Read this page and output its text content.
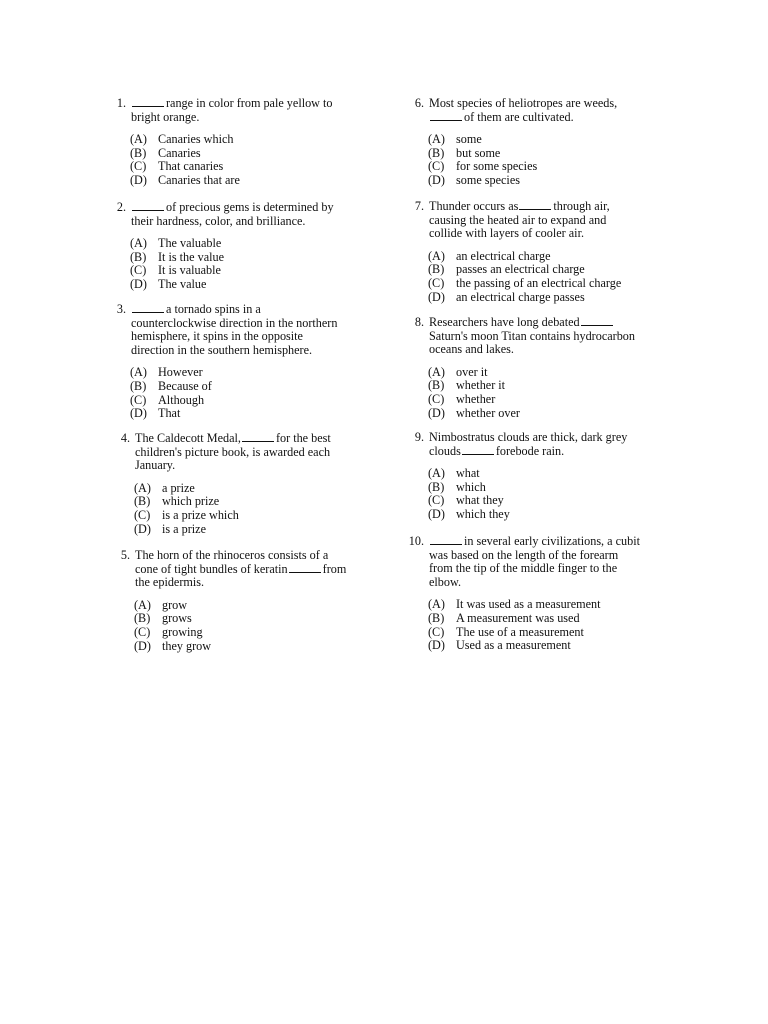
1.	range in color from pale yellow to
bright orange.
(A) Canaries which
(B) Canaries
(C) That canaries
(D) Canaries that are
2.	of precious gems is determined by
their hardness, color, and brilliance.
(A) The valuable
(B) It is the value
(C) It is valuable
(D) The value
3.	a tornado spins in a
counterclockwise direction in the northern
hemisphere, it spins in the opposite
direction in the southern hemisphere.
(A) However
(B) Because of
(C) Although
(D) That
4. The Caldecott Medal,	for the best
children's picture book, is awarded each
January.
(A) a prize
(B) which prize
(C) is a prize which
(D) is a prize
5. The horn of the rhinoceros consists of a
cone of tight bundles of keratin	from
the epidermis.
(A) grow
(B) grows
(C) growing
(D) they grow
6. Most species of heliotropes are weeds,
of them are cultivated.
(A) some
(B) but some
(C) for some species
(D) some species
7. Thunder occurs as	through air,
causing the heated air to expand and
collide with layers of cooler air.
(A) an electrical charge
(B) passes an electrical charge
(C) the passing of an electrical charge
(D) an electrical charge passes
8. Researchers have long debated
Saturn's moon Titan contains hydrocarbon
oceans and lakes.
(A) over it
(B) whether it
(C) whether
(D) whether over
9. Nimbostratus clouds are thick, dark grey
clouds	forebode rain.
(A) what
(B) which
(C) what they
(D) which they
10.	in several early civilizations, a cubit
was based on the length of the forearm
from the tip of the middle finger to the
elbow.
(A) It was used as a measurement
(B) A measurement was used
(C) The use of a measurement
(D) Used as a measurement
